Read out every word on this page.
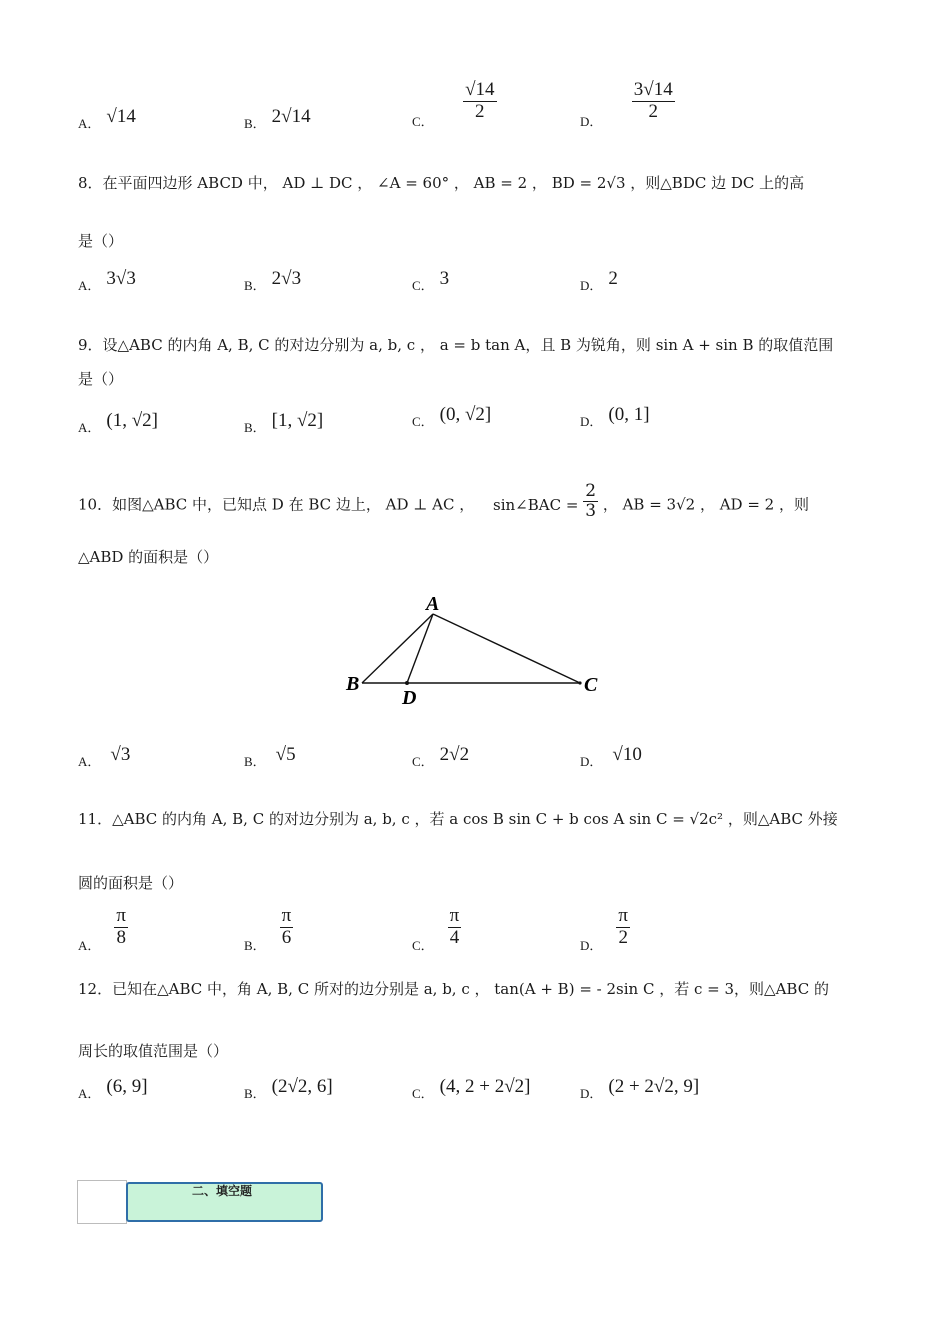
$_{A.}$ √14	$_{B.}$ 2√14	$_{C.} \frac{√14}{2}$	$_{D.} \frac{3√14}{2}$
8．在平面四边形 ABCD 中， AD ⊥ DC ， ∠A = 60° ， AB = 2 ， BD = 2√3 ，则△BDC 边 DC 上的高
是（）
$_{A.}$ 3√3	$_{B.}$ 2√3	$_{C.}$ 3	$_{D.}$ 2
9．设△ABC 的内角 A, B, C 的对边分别为 a, b, c ， a = b tan A，且 B 为锐角，则 sin A + sin B 的取值范围
是（）
$_{A.}$ (1, √2]	$_{B.}$ [1, √2]	$_{C.}$ (0, √2]	$_{D.}$ (0, 1]
10．如图△ABC 中，已知点 D 在 BC 边上， AD ⊥ AC ， sin∠BAC = $\frac{2}{3}$ ， AB = 3√2 ， AD = 2 ，则
△ABD 的面积是（）
A
B	C
D
$_{A.}$ √3	$_{B.}$ √5	$_{C.}$ 2√2	$_{D.}$ √10
11．△ABC 的内角 A, B, C 的对边分别为 a, b, c ，若 a cos B sin C + b cos A sin C = √2c² ，则△ABC 外接
圆的面积是（）
$_{A.} \frac{\pi}{8}$	$_{B.} \frac{\pi}{6}$	$_{C.} \frac{\pi}{4}$	$_{D.} \frac{\pi}{2}$
12．已知在△ABC 中，角 A, B, C 所对的边分别是 a, b, c ， tan(A + B) = - 2sin C ，若 c = 3，则△ABC 的
周长的取值范围是（）
$_{A.}$ (6, 9]	$_{B.}$ (2√2, 6]	$_{C.}$ (4, 2 + 2√2]	$_{D.}$ (2 + 2√2, 9]
二、填空题
